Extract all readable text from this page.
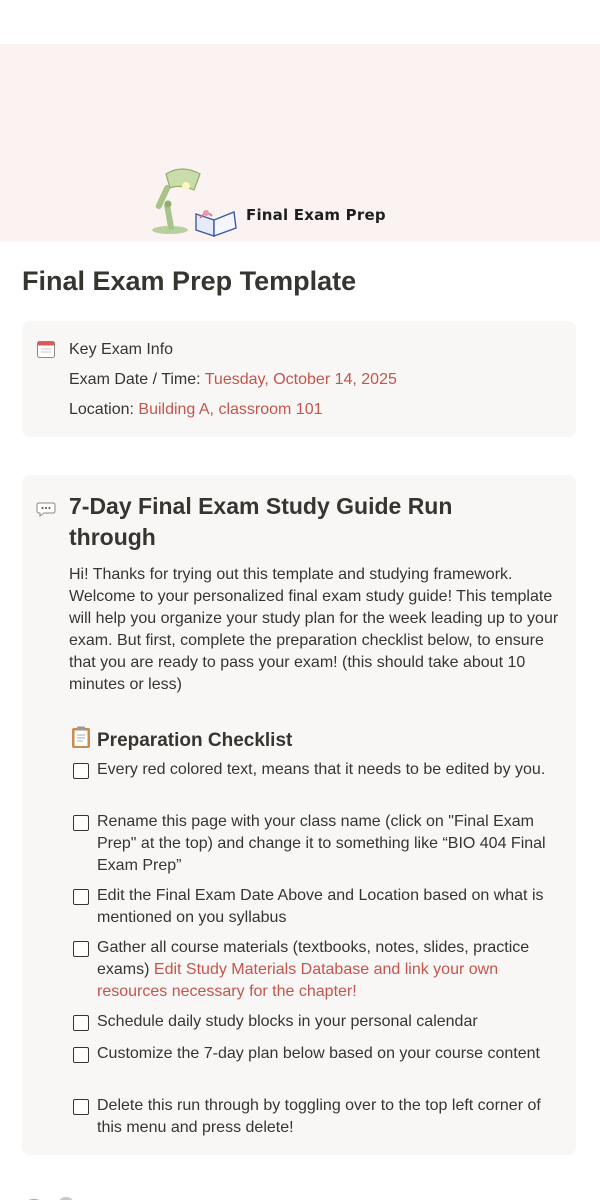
Final Exam Prep
Final Exam Prep Template
Key Exam Info
Exam Date / Time: Tuesday, October 14, 2025
Location: Building A, classroom 101
7-Day Final Exam Study Guide Run through

Hi! Thanks for trying out this template and studying framework. Welcome to your personalized final exam study guide! This template will help you organize your study plan for the week leading up to your exam. But first, complete the preparation checklist below, to ensure that you are ready to pass your exam! (this should take about 10 minutes or less)

Preparation Checklist
Every red colored text, means that it needs to be edited by you.
Rename this page with your class name (click on "Final Exam Prep" at the top) and change it to something like “BIO 404 Final Exam Prep”
Edit the Final Exam Date Above and Location based on what is mentioned on you syllabus
Gather all course materials (textbooks, notes, slides, practice exams) Edit Study Materials Database and link your own resources necessary for the chapter!
Schedule daily study blocks in your personal calendar
Customize the 7-day plan below based on your course content
Delete this run through by toggling over to the top left corner of this menu and press delete!
